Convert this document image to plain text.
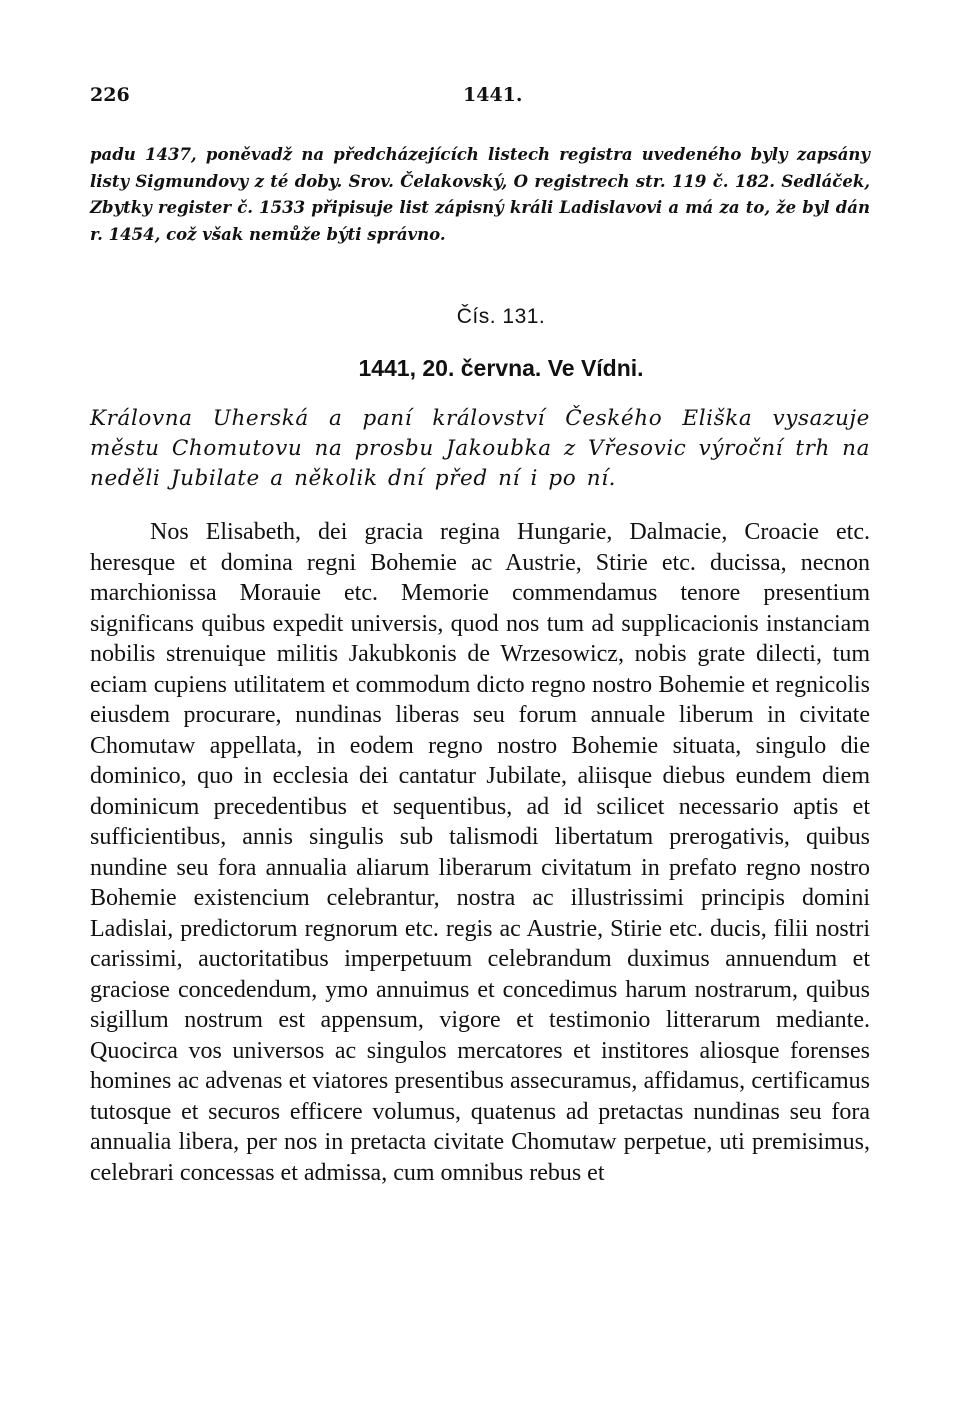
226	1441.

padu 1437, poněvadž na předcházejících listech registra uvedeného byly zapsány listy Sigmundovy z té doby. Srov. Čelakovský, O registrech str. 119 č. 182. Sedláček, Zbytky register č. 1533 připisuje list zápisný králi Ladislavovi a má za to, že byl dán r. 1454, což však nemůže býti správno.

Čís. 131.

1441, 20. června. Ve Vídni.

Královna Uherská a paní království Českého Eliška vysazuje městu Chomutovu na prosbu Jakoubka z Vřesovic výroční trh na neděli Jubilate a několik dní před ní i po ní.

Nos Elisabeth, dei gracia regina Hungarie, Dalmacie, Croacie etc. heresque et domina regni Bohemie ac Austrie, Stirie etc. ducissa, necnon marchionissa Morauie etc. Memorie commendamus tenore presentium significans quibus expedit universis, quod nos tum ad supplicacionis instanciam nobilis strenuique militis Jakubkonis de Wrzesowicz, nobis grate dilecti, tum eciam cupiens utilitatem et commodum dicto regno nostro Bohemie et regnicolis eiusdem procurare, nundinas liberas seu forum annuale liberum in civitate Chomutaw appellata, in eodem regno nostro Bohemie situata, singulo die dominico, quo in ecclesia dei cantatur Jubilate, aliisque diebus eundem diem dominicum precedentibus et sequentibus, ad id scilicet necessario aptis et sufficientibus, annis singulis sub talismodi libertatum prerogativis, quibus nundine seu fora annualia aliarum liberarum civitatum in prefato regno nostro Bohemie existencium celebrantur, nostra ac illustrissimi principis domini Ladislai, predictorum regnorum etc. regis ac Austrie, Stirie etc. ducis, filii nostri carissimi, auctoritatibus imperpetuum celebrandum duximus annuendum et graciose concedendum, ymo annuimus et concedimus harum nostrarum, quibus sigillum nostrum est appensum, vigore et testimonio litterarum mediante. Quocirca vos universos ac singulos mercatores et institores aliosque forenses homines ac advenas et viatores presentibus assecuramus, affidamus, certificamus tutosque et securos efficere volumus, quatenus ad pretactas nundinas seu fora annualia libera, per nos in pretacta civitate Chomutaw perpetue, uti premisimus, celebrari concessas et admissa, cum omnibus rebus et
